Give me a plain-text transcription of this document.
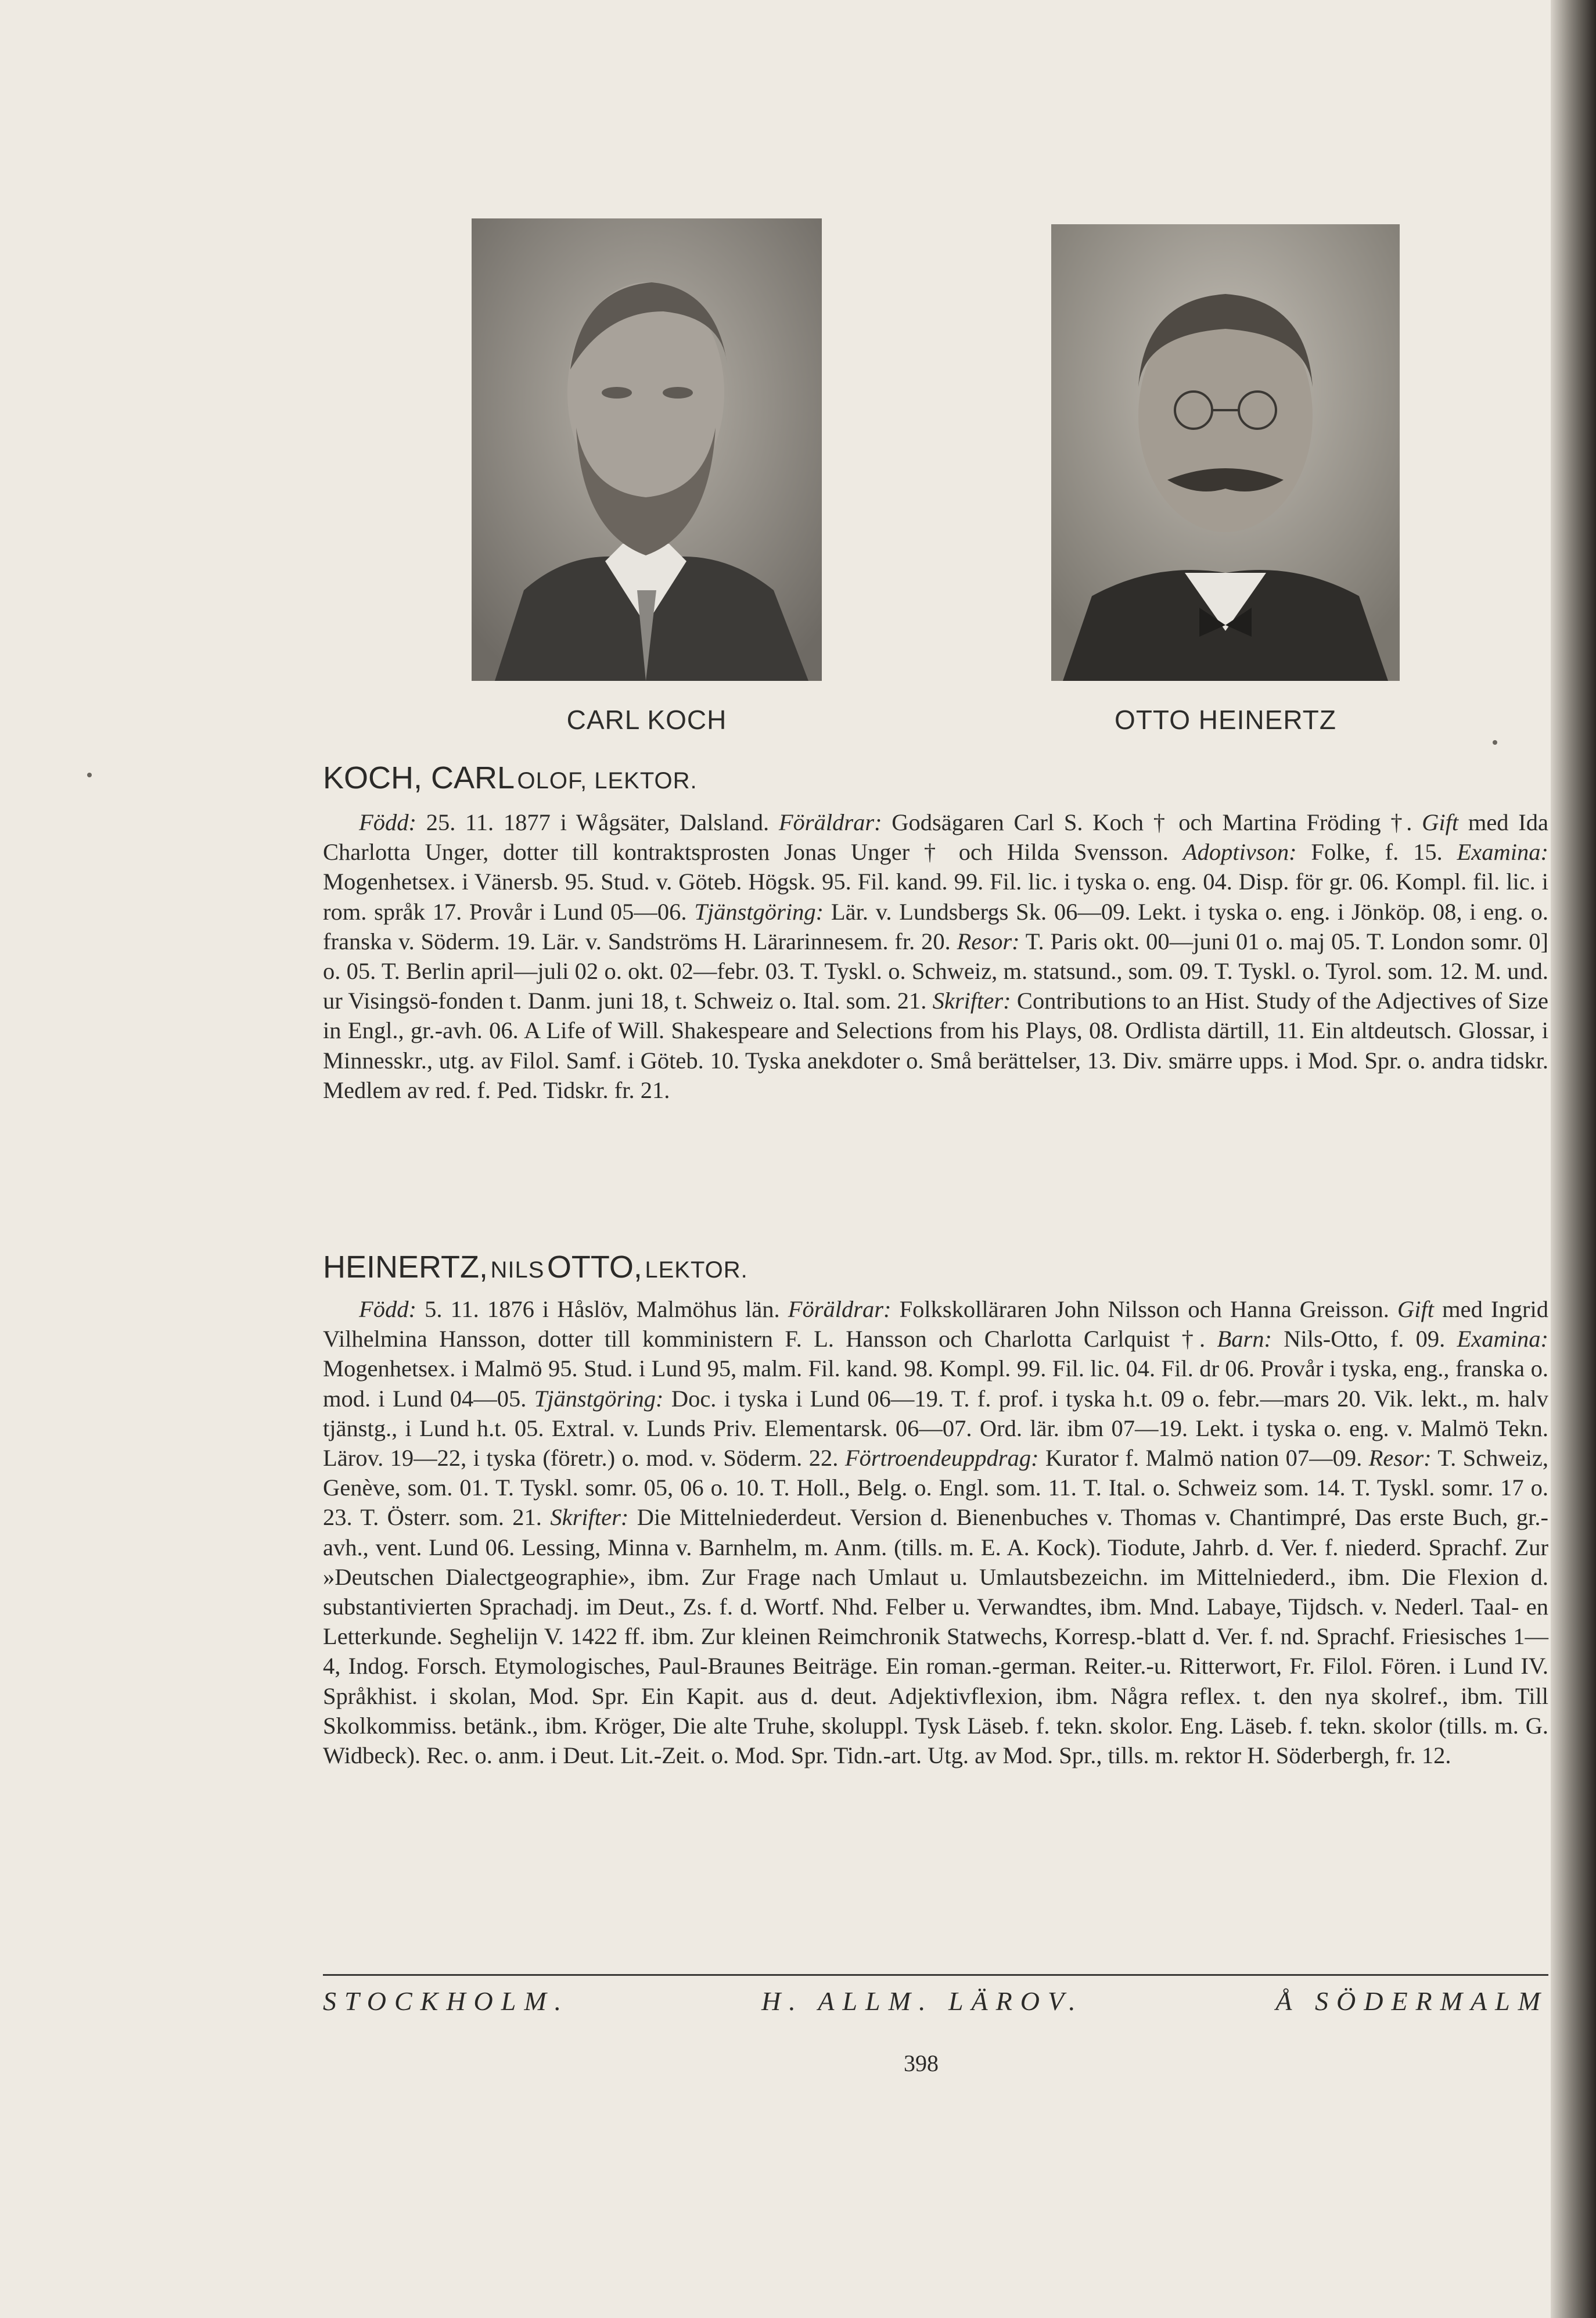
CARL KOCH	OTTO HEINERTZ
KOCH, CARL OLOF, LEKTOR.

Född: 25. 11. 1877 i Wågsäter, Dalsland. Föräldrar: Godsägaren Carl S. Koch † och Martina Fröding †. Gift med Ida Charlotta Unger, dotter till kontraktsprosten Jonas Unger † och Hilda Svensson. Adoptivson: Folke, f. 15. Examina: Mogenhetsex. i Vänersb. 95. Stud. v. Göteb. Högsk. 95. Fil. kand. 99. Fil. lic. i tyska o. eng. 04. Disp. för gr. 06. Kompl. fil. lic. i rom. språk 17. Provår i Lund 05—06. Tjänstgöring: Lär. v. Lundsbergs Sk. 06—09. Lekt. i tyska o. eng. i Jönköp. 08, i eng. o. franska v. Söderm. 19. Lär. v. Sandströms H. Lärarinnesem. fr. 20. Resor: T. Paris okt. 00—juni 01 o. maj 05. T. London somr. 0] o. 05. T. Berlin april—juli 02 o. okt. 02—febr. 03. T. Tyskl. o. Schweiz, m. statsund., som. 09. T. Tyskl. o. Tyrol. som. 12. M. und. ur Visingsö-fonden t. Danm. juni 18, t. Schweiz o. Ital. som. 21. Skrifter: Contributions to an Hist. Study of the Adjectives of Size in Engl., gr.-avh. 06. A Life of Will. Shakespeare and Selections from his Plays, 08. Ordlista därtill, 11. Ein altdeutsch. Glossar, i Minnesskr., utg. av Filol. Samf. i Göteb. 10. Tyska anekdoter o. Små berättelser, 13. Div. smärre upps. i Mod. Spr. o. andra tidskr. Medlem av red. f. Ped. Tidskr. fr. 21.

HEINERTZ, NILS OTTO, LEKTOR.

Född: 5. 11. 1876 i Håslöv, Malmöhus län. Föräldrar: Folkskolläraren John Nilsson och Hanna Greisson. Gift med Ingrid Vilhelmina Hansson, dotter till komministern F. L. Hansson och Charlotta Carlquist †. Barn: Nils-Otto, f. 09. Examina: Mogenhetsex. i Malmö 95. Stud. i Lund 95, malm. Fil. kand. 98. Kompl. 99. Fil. lic. 04. Fil. dr 06. Provår i tyska, eng., franska o. mod. i Lund 04—05. Tjänstgöring: Doc. i tyska i Lund 06—19. T. f. prof. i tyska h.t. 09 o. febr.—mars 20. Vik. lekt., m. halv tjänstg., i Lund h.t. 05. Extral. v. Lunds Priv. Elementarsk. 06—07. Ord. lär. ibm 07—19. Lekt. i tyska o. eng. v. Malmö Tekn. Lärov. 19—22, i tyska (företr.) o. mod. v. Söderm. 22. Förtroendeuppdrag: Kurator f. Malmö nation 07—09. Resor: T. Schweiz, Genève, som. 01. T. Tyskl. somr. 05, 06 o. 10. T. Holl., Belg. o. Engl. som. 11. T. Ital. o. Schweiz som. 14. T. Tyskl. somr. 17 o. 23. T. Österr. som. 21. Skrifter: Die Mittelniederdeut. Version d. Bienenbuches v. Thomas v. Chantimpré, Das erste Buch, gr.-avh., vent. Lund 06. Lessing, Minna v. Barnhelm, m. Anm. (tills. m. E. A. Kock). Tiodute, Jahrb. d. Ver. f. niederd. Sprachf. Zur »Deutschen Dialectgeographie», ibm. Zur Frage nach Umlaut u. Umlautsbezeichn. im Mittelniederd., ibm. Die Flexion d. substantivierten Sprachadj. im Deut., Zs. f. d. Wortf. Nhd. Felber u. Verwandtes, ibm. Mnd. Labaye, Tijdsch. v. Nederl. Taal- en Letterkunde. Seghelijn V. 1422 ff. ibm. Zur kleinen Reimchronik Statwechs, Korresp.-blatt d. Ver. f. nd. Sprachf. Friesisches 1—4, Indog. Forsch. Etymologisches, Paul-Braunes Beiträge. Ein roman.-german. Reiter.-u. Ritterwort, Fr. Filol. Fören. i Lund IV. Språkhist. i skolan, Mod. Spr. Ein Kapit. aus d. deut. Adjektivflexion, ibm. Några reflex. t. den nya skolref., ibm. Till Skolkommiss. betänk., ibm. Kröger, Die alte Truhe, skoluppl. Tysk Läseb. f. tekn. skolor. Eng. Läseb. f. tekn. skolor (tills. m. G. Widbeck). Rec. o. anm. i Deut. Lit.-Zeit. o. Mod. Spr. Tidn.-art. Utg. av Mod. Spr., tills. m. rektor H. Söderbergh, fr. 12.

STOCKHOLM.	H. ALLM. LÄROV.	Å SÖDERMALM
398
